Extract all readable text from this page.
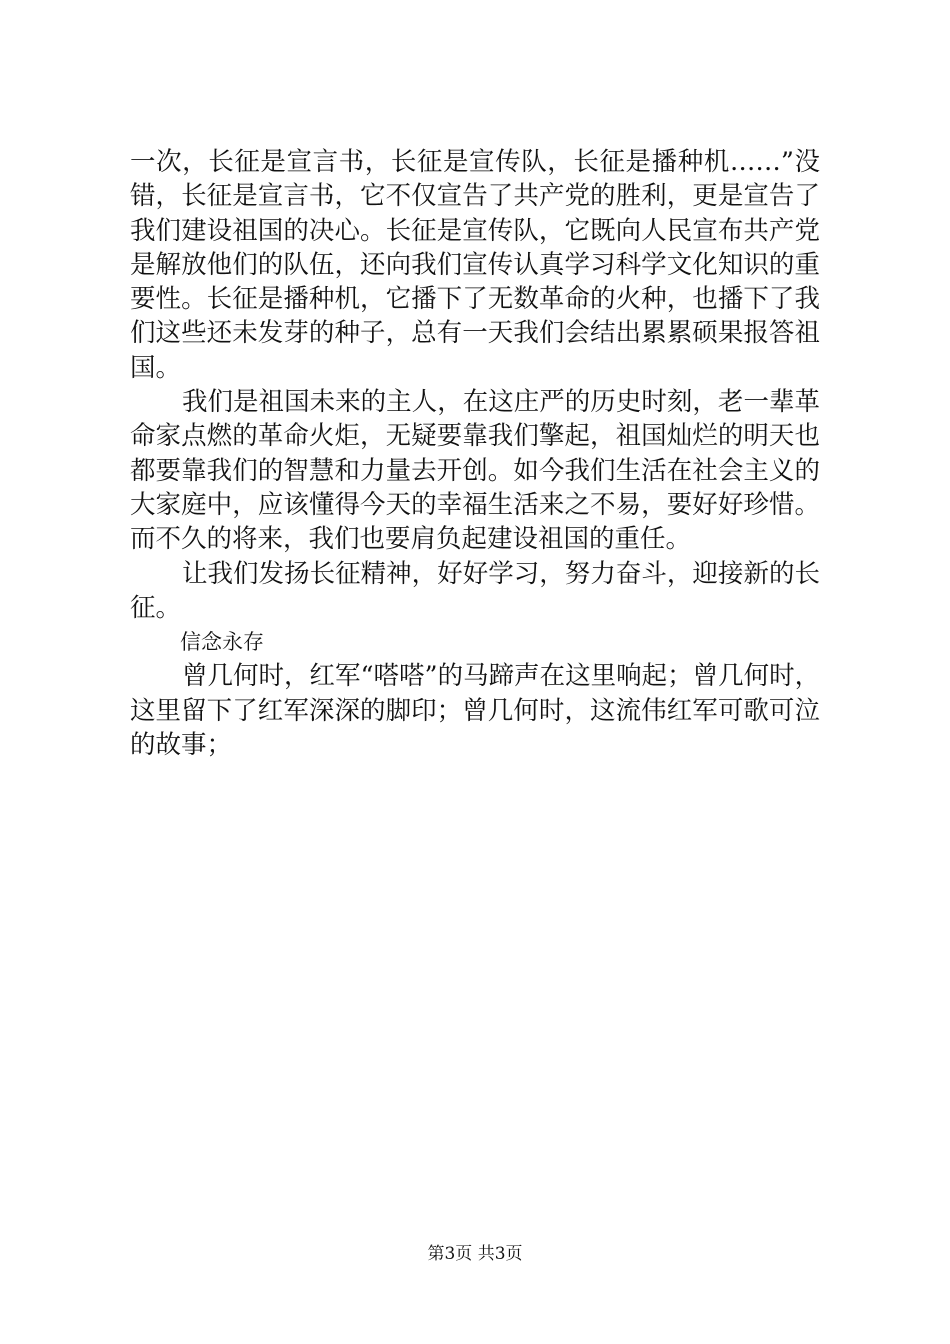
一次，长征是宣言书，长征是宣传队，长征是播种机……”没
错，长征是宣言书，它不仅宣告了共产党的胜利，更是宣告了
我们建设祖国的决心。长征是宣传队，它既向人民宣布共产党
是解放他们的队伍，还向我们宣传认真学习科学文化知识的重
要性。长征是播种机，它播下了无数革命的火种，也播下了我
们这些还未发芽的种子，总有一天我们会结出累累硕果报答祖
国。
我们是祖国未来的主人，在这庄严的历史时刻，老一辈革
命家点燃的革命火炬，无疑要靠我们擎起，祖国灿烂的明天也
都要靠我们的智慧和力量去开创。如今我们生活在社会主义的
大家庭中，应该懂得今天的幸福生活来之不易，要好好珍惜。
而不久的将来，我们也要肩负起建设祖国的重任。
让我们发扬长征精神，好好学习，努力奋斗，迎接新的长
征。
信念永存
曾几何时，红军“嗒嗒”的马蹄声在这里响起；曾几何时，
这里留下了红军深深的脚印；曾几何时，这流伟红军可歌可泣
的故事；
第3页 共3页
